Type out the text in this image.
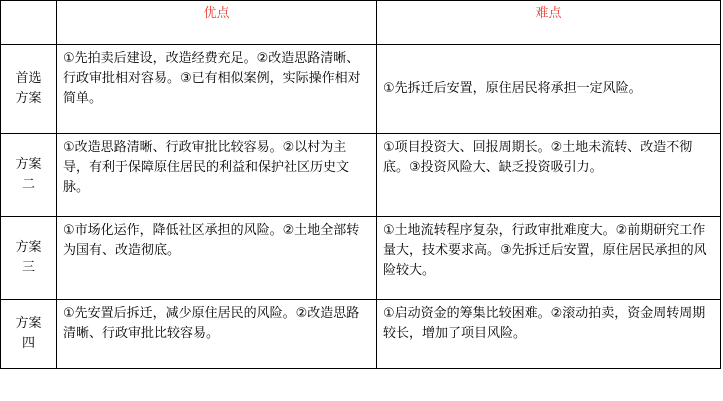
	优点	难点

首选
方案	①先拍卖后建设，改造经费充足。②改造思路清晰、行政审批相对容易。③已有相似案例，实际操作相对简单。	①先拆迁后安置，原住居民将承担一定风险。

方案
二	①改造思路清晰、行政审批比较容易。②以村为主导，有利于保障原住居民的利益和保护社区历史文脉。	①项目投资大、回报周期长。②土地未流转、改造不彻底。③投资风险大、缺乏投资吸引力。

方案
三	①市场化运作，降低社区承担的风险。②土地全部转为国有、改造彻底。	①土地流转程序复杂，行政审批难度大。②前期研究工作量大，技术要求高。③先拆迁后安置，原住居民承担的风险较大。

方案
四	①先安置后拆迁，减少原住居民的风险。②改造思路清晰、行政审批比较容易。	①启动资金的筹集比较困难。②滚动拍卖，资金周转周期较长，增加了项目风险。
